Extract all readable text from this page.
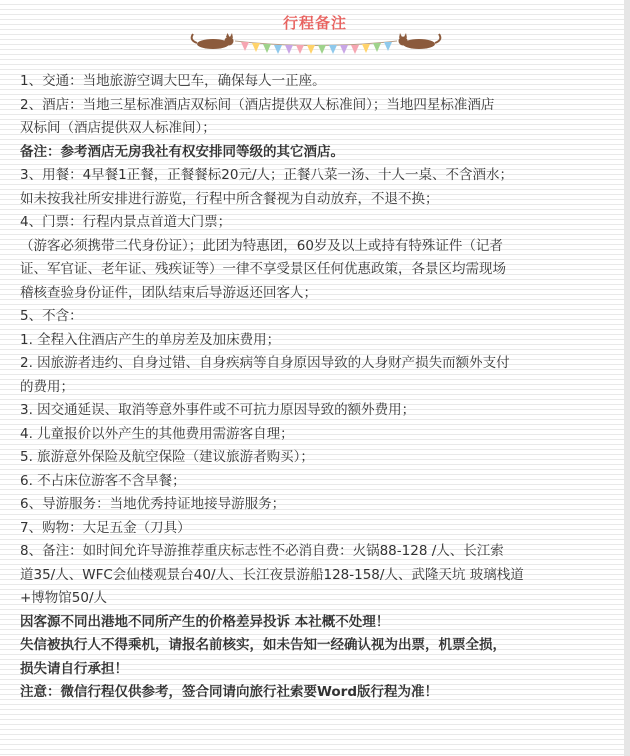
行程备注
1、交通：当地旅游空调大巴车，确保每人一正座。
2、酒店：当地三星标准酒店双标间（酒店提供双人标准间）；当地四星标准酒店
双标间（酒店提供双人标准间）；
备注：参考酒店无房我社有权安排同等级的其它酒店。
3、用餐：4早餐1正餐，正餐餐标20元/人；正餐八菜一汤、十人一桌、不含酒水；
如未按我社所安排进行游览，行程中所含餐视为自动放弃，不退不换；
4、门票：行程内景点首道大门票；
（游客必须携带二代身份证）；此团为特惠团，60岁及以上或持有特殊证件（记者
证、军官证、老年证、残疾证等）一律不享受景区任何优惠政策，各景区均需现场
稽核查验身份证件，团队结束后导游返还回客人；
5、不含：
1. 全程入住酒店产生的单房差及加床费用；
2. 因旅游者违约、自身过错、自身疾病等自身原因导致的人身财产损失而额外支付
的费用；
3. 因交通延误、取消等意外事件或不可抗力原因导致的额外费用；
4. 儿童报价以外产生的其他费用需游客自理；
5. 旅游意外保险及航空保险（建议旅游者购买）；
6. 不占床位游客不含早餐；
6、导游服务：当地优秀持证地接导游服务；
7、购物：大足五金（刀具）
8、备注：如时间允许导游推荐重庆标志性不必消自费：火锅88-128 /人、长江索
道35/人、WFC会仙楼观景台40/人、长江夜景游船128-158/人、武隆天坑 玻璃栈道
+博物馆50/人
因客源不同出港地不同所产生的价格差异投诉 本社概不处理！
失信被执行人不得乘机，请报名前核实，如未告知一经确认视为出票，机票全损，
损失请自行承担！
注意：微信行程仅供参考，签合同请向旅行社索要Word版行程为准！
